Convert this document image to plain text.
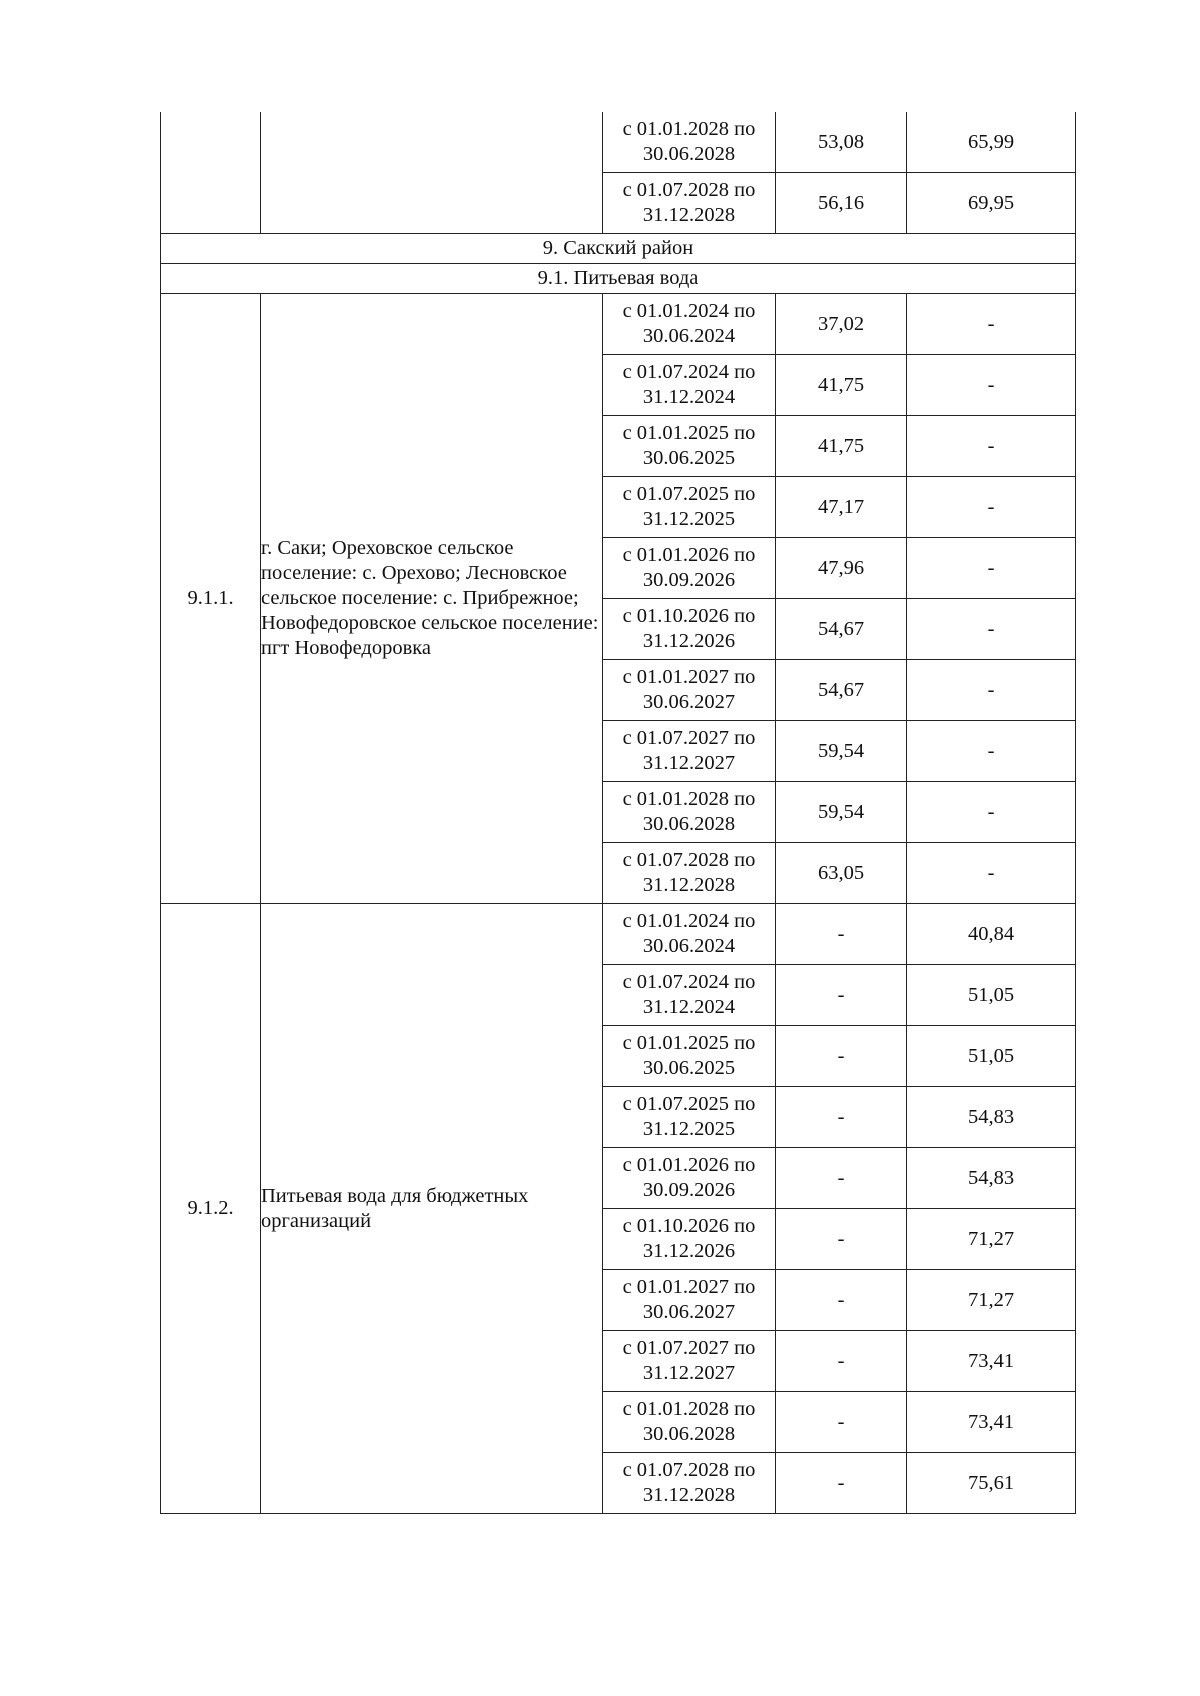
		с 01.01.2028 по 30.06.2028	53,08	65,99
		с 01.07.2028 по 31.12.2028	56,16	69,95
9. Сакский район				
9.1. Питьевая вода				
9.1.1.	г. Саки; Ореховское сельское поселение: с. Орехово; Лесновское сельское поселение: с. Прибрежное; Новофедоровское сельское поселение: пгт Новофедоровка	с 01.01.2024 по 30.06.2024	37,02	-
		с 01.07.2024 по 31.12.2024	41,75	-
		с 01.01.2025 по 30.06.2025	41,75	-
		с 01.07.2025 по 31.12.2025	47,17	-
		с 01.01.2026 по 30.09.2026	47,96	-
		с 01.10.2026 по 31.12.2026	54,67	-
		с 01.01.2027 по 30.06.2027	54,67	-
		с 01.07.2027 по 31.12.2027	59,54	-
		с 01.01.2028 по 30.06.2028	59,54	-
		с 01.07.2028 по 31.12.2028	63,05	-
9.1.2.	Питьевая вода для бюджетных организаций	с 01.01.2024 по 30.06.2024	-	40,84
		с 01.07.2024 по 31.12.2024	-	51,05
		с 01.01.2025 по 30.06.2025	-	51,05
		с 01.07.2025 по 31.12.2025	-	54,83
		с 01.01.2026 по 30.09.2026	-	54,83
		с 01.10.2026 по 31.12.2026	-	71,27
		с 01.01.2027 по 30.06.2027	-	71,27
		с 01.07.2027 по 31.12.2027	-	73,41
		с 01.01.2028 по 30.06.2028	-	73,41
		с 01.07.2028 по 31.12.2028	-	75,61
